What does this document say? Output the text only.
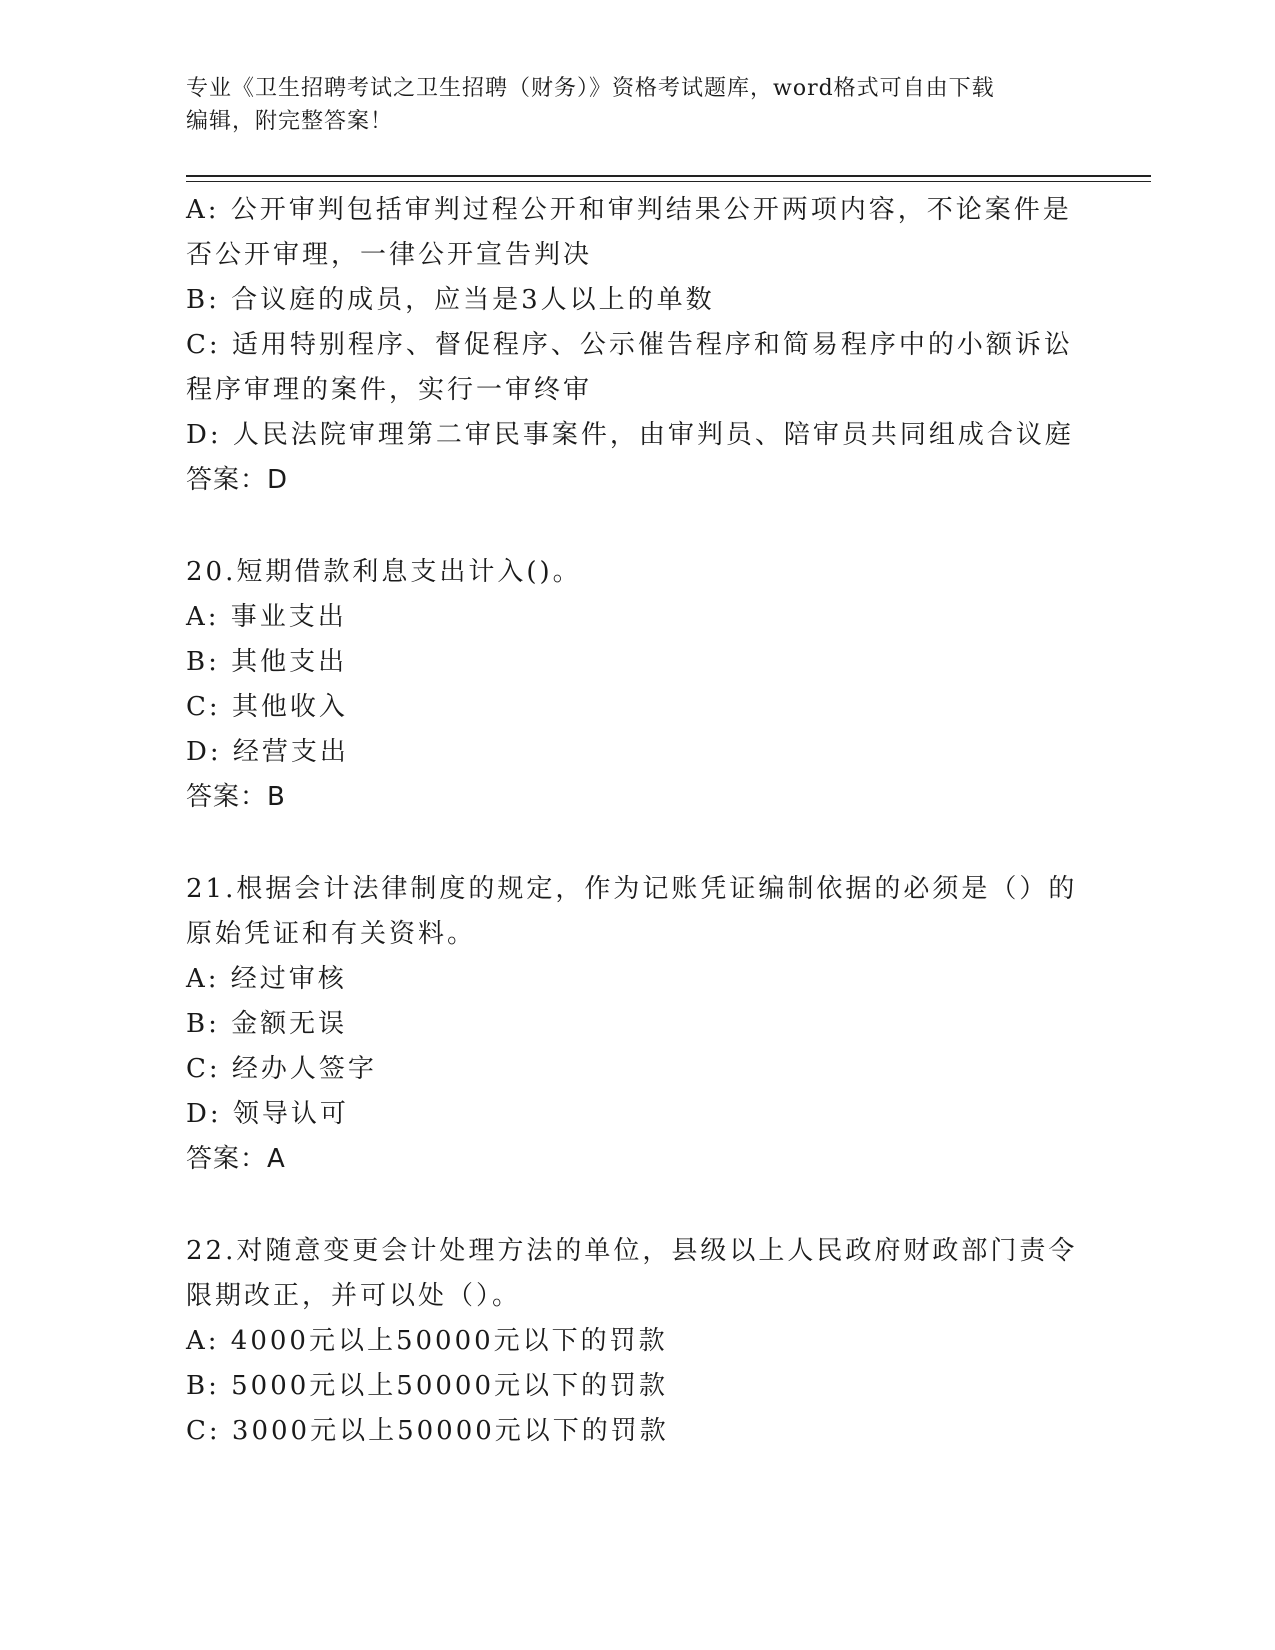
专业《卫生招聘考试之卫生招聘（财务）》资格考试题库，word格式可自由下载
编辑，附完整答案！
A: 公开审判包括审判过程公开和审判结果公开两项内容，不论案件是
否公开审理，一律公开宣告判决
B: 合议庭的成员，应当是3人以上的单数
C: 适用特别程序、督促程序、公示催告程序和简易程序中的小额诉讼
程序审理的案件，实行一审终审
D: 人民法院审理第二审民事案件，由审判员、陪审员共同组成合议庭
答案：D
20.短期借款利息支出计入()。
A: 事业支出
B: 其他支出
C: 其他收入
D: 经营支出
答案：B
21.根据会计法律制度的规定，作为记账凭证编制依据的必须是（）的
原始凭证和有关资料。
A: 经过审核
B: 金额无误
C: 经办人签字
D: 领导认可
答案：A
22.对随意变更会计处理方法的单位，县级以上人民政府财政部门责令
限期改正，并可以处（）。
A: 4000元以上50000元以下的罚款
B: 5000元以上50000元以下的罚款
C: 3000元以上50000元以下的罚款
